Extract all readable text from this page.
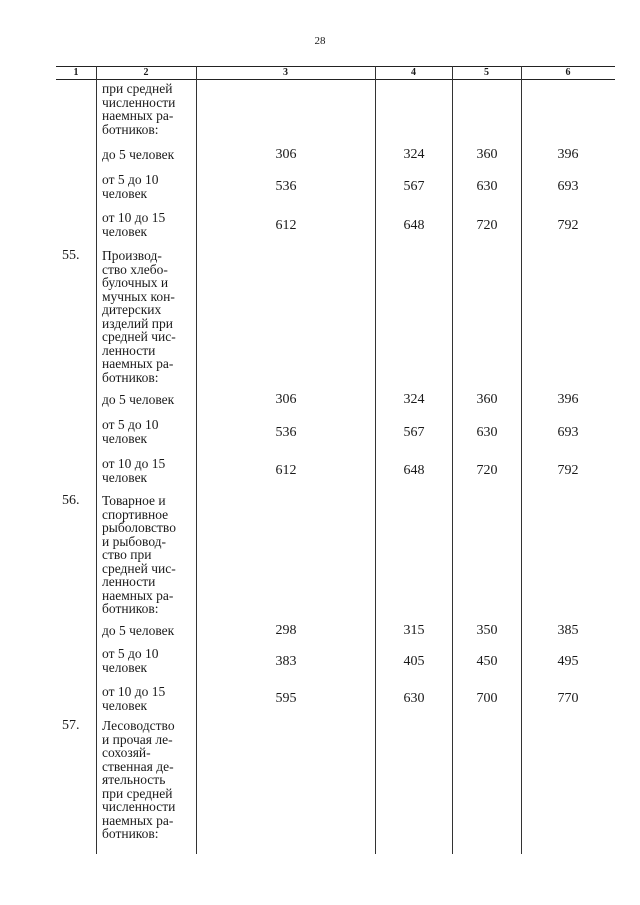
28
1	2	3	4	5	6
при средней
численности
наемных ра-
ботников:
до 5 человек	306	324	360	396
от 5 до 10
человек	536	567	630	693
от 10 до 15
человек	612	648	720	792
55. Производ-
ство хлебо-
булочных и
мучных кон-
дитерских
изделий при
средней чис-
ленности
наемных ра-
ботников:
до 5 человек	306	324	360	396
от 5 до 10
человек	536	567	630	693
от 10 до 15
человек	612	648	720	792
56. Товарное и
спортивное
рыболовство
и рыбовод-
ство при
средней чис-
ленности
наемных ра-
ботников:
до 5 человек	298	315	350	385
от 5 до 10
человек	383	405	450	495
от 10 до 15
человек	595	630	700	770
57. Лесоводство
и прочая ле-
сохозяй-
ственная де-
ятельность
при средней
численности
наемных ра-
ботников:
